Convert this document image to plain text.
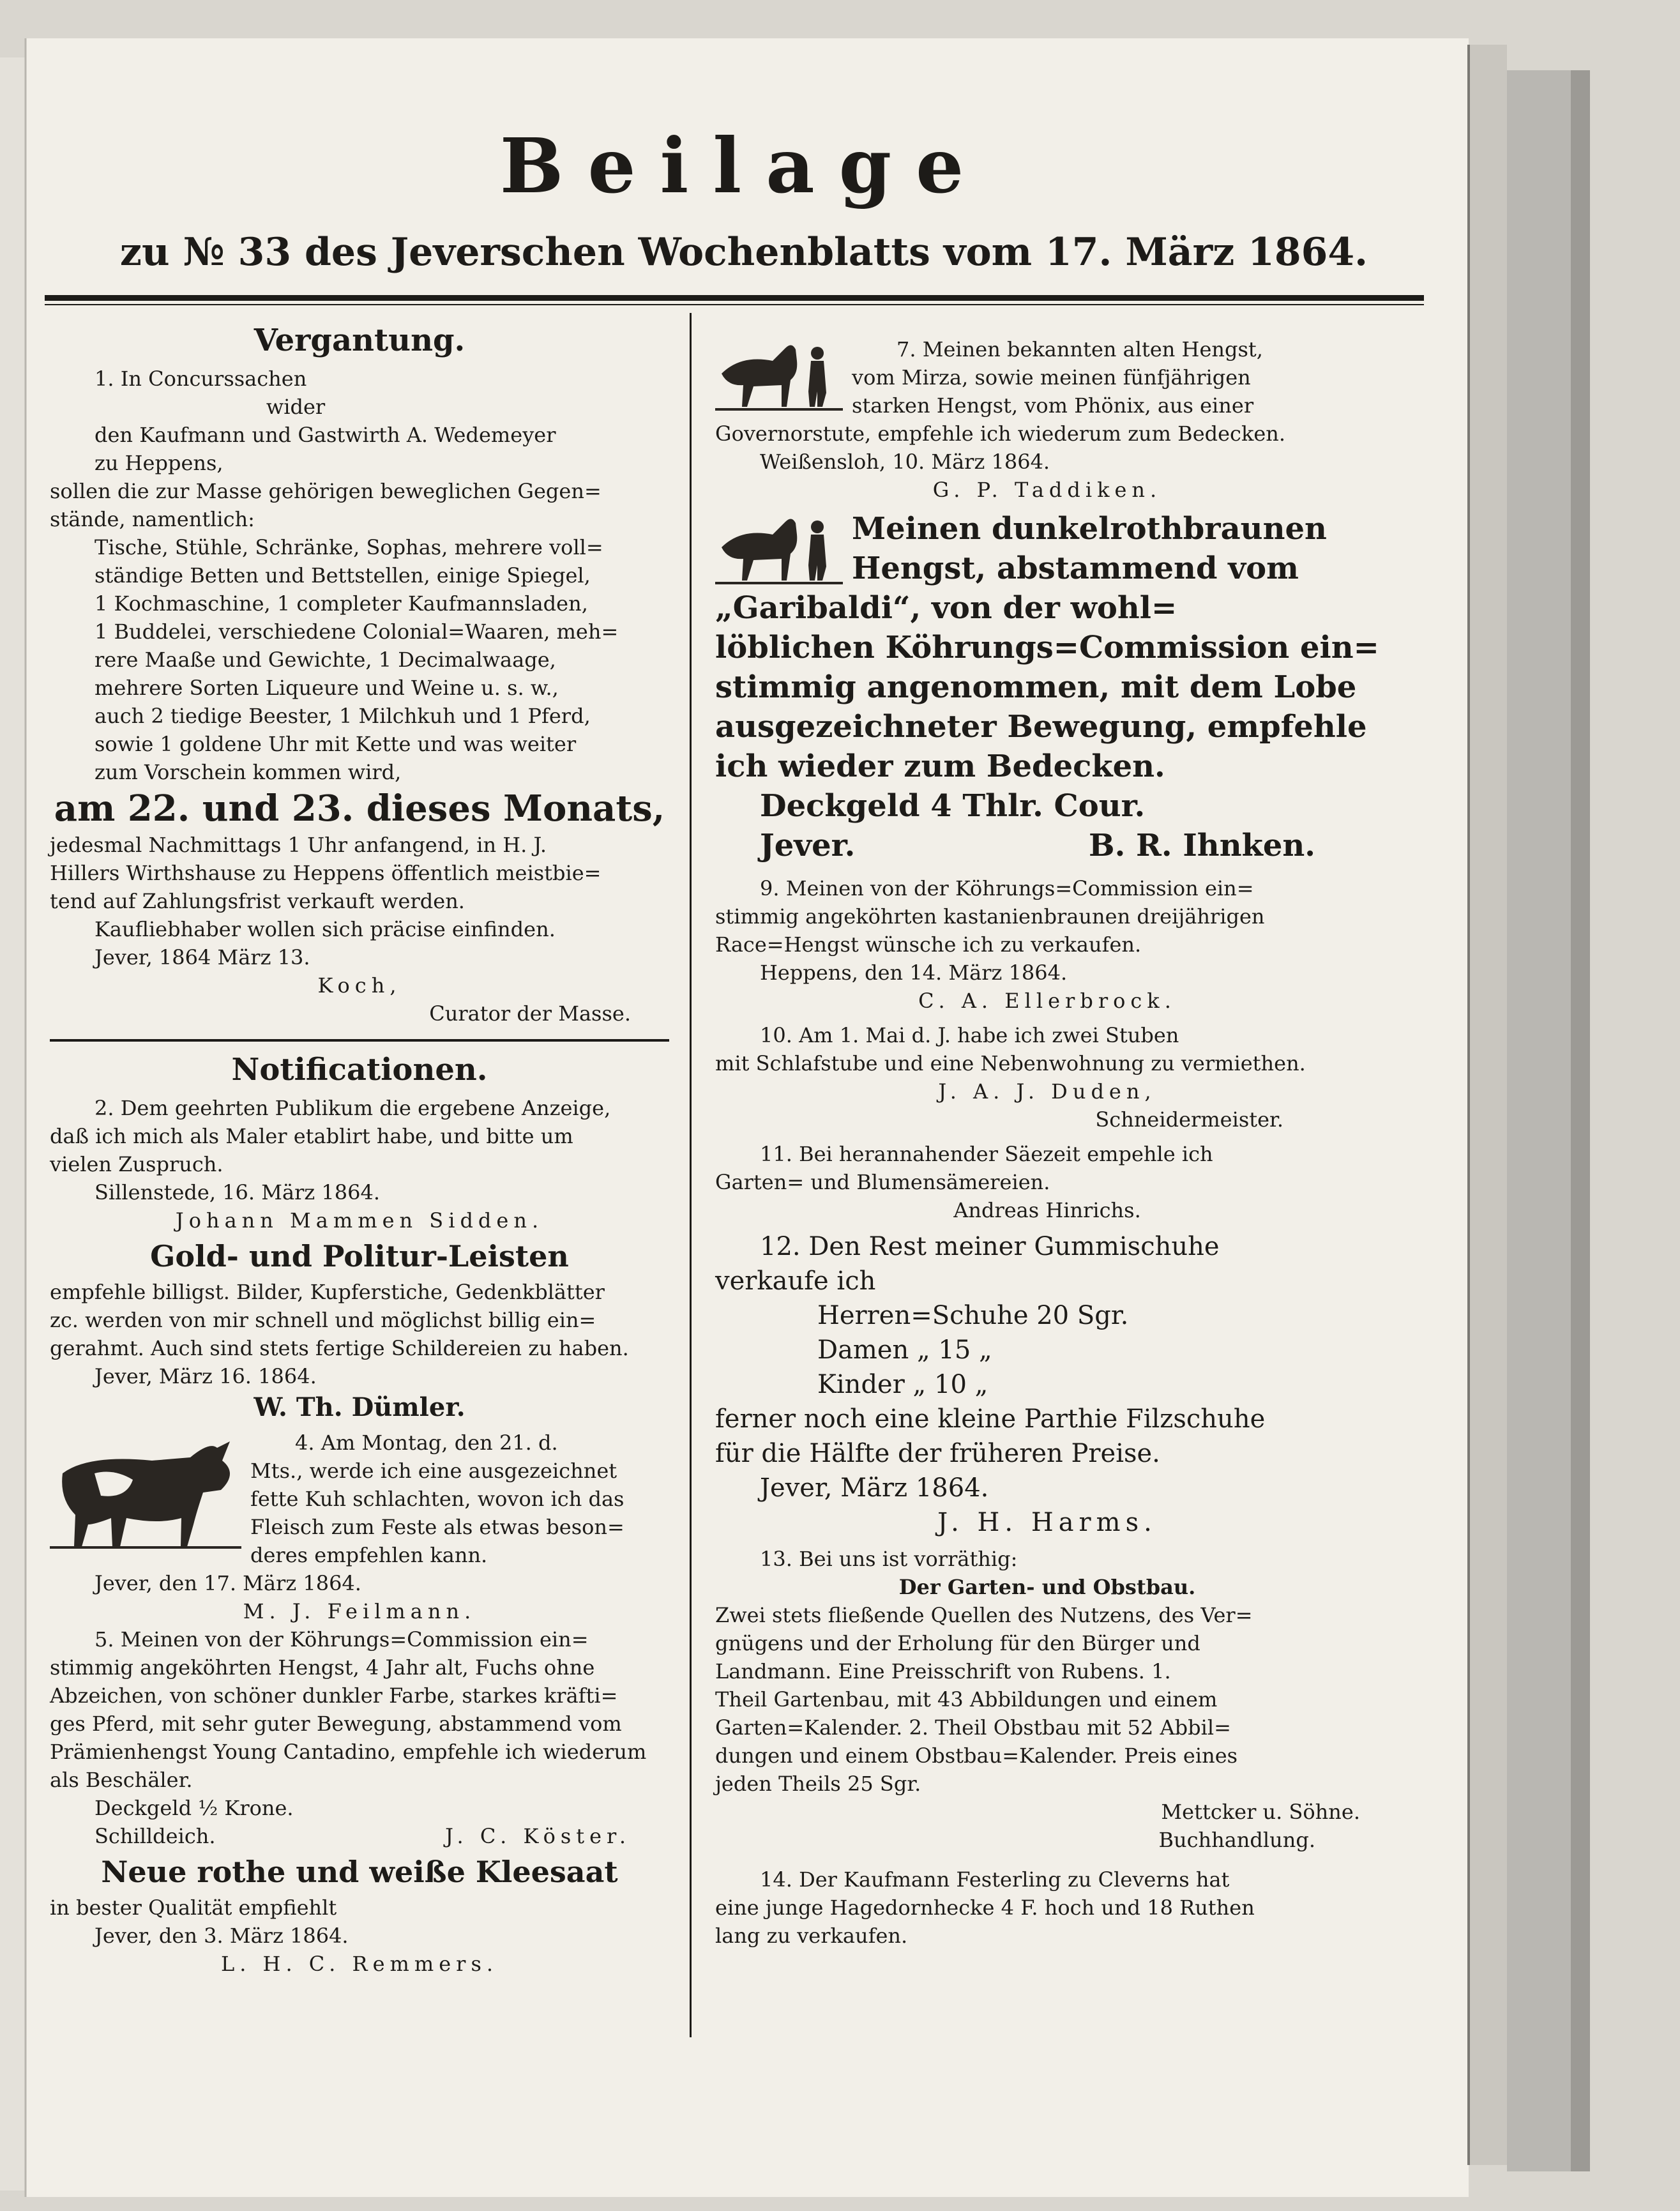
Beilage
zu № 33 des Jeverschen Wochenblatts vom 17. März 1864.
Vergantung.

1. In Concurssachen

wider

den Kaufmann und Gastwirth A. Wedemeyer

zu Heppens,

sollen die zur Masse gehörigen beweglichen Gegen=

stände, namentlich:

Tische, Stühle, Schränke, Sophas, mehrere voll=

ständige Betten und Bettstellen, einige Spiegel,

1 Kochmaschine, 1 completer Kaufmannsladen,

1 Buddelei, verschiedene Colonial=Waaren, meh=

rere Maaße und Gewichte, 1 Decimalwaage,

mehrere Sorten Liqueure und Weine u. s. w.,

auch 2 tiedige Beester, 1 Milchkuh und 1 Pferd,

sowie 1 goldene Uhr mit Kette und was weiter

zum Vorschein kommen wird,

am 22. und 23. dieses Monats,

jedesmal Nachmittags 1 Uhr anfangend, in H. J.

Hillers Wirthshause zu Heppens öffentlich meistbie=

tend auf Zahlungsfrist verkauft werden.

Kaufliebhaber wollen sich präcise einfinden.

Jever, 1864 März 13.

Koch,

Curator der Masse.

Notificationen.

2. Dem geehrten Publikum die ergebene Anzeige,

daß ich mich als Maler etablirt habe, und bitte um

vielen Zuspruch.

Sillenstede, 16. März 1864.

Johann Mammen Sidden.

Gold- und Politur-Leisten

empfehle billigst. Bilder, Kupferstiche, Gedenkblätter

zc. werden von mir schnell und möglichst billig ein=

gerahmt. Auch sind stets fertige Schildereien zu haben.

Jever, März 16. 1864.

W. Th. Dümler.

4. Am Montag, den 21. d.

Mts., werde ich eine ausgezeichnet

fette Kuh schlachten, wovon ich das

Fleisch zum Feste als etwas beson=

deres empfehlen kann.

Jever, den 17. März 1864.

M. J. Feilmann.

5. Meinen von der Köhrungs=Commission ein=

stimmig angeköhrten Hengst, 4 Jahr alt, Fuchs ohne

Abzeichen, von schöner dunkler Farbe, starkes kräfti=

ges Pferd, mit sehr guter Bewegung, abstammend vom

Prämienhengst Young Cantadino, empfehle ich wiederum

als Beschäler.

Deckgeld ½ Krone.

Schilldeich.	J. C. Köster.
Neue rothe und weiße Kleesaat

in bester Qualität empfiehlt

Jever, den 3. März 1864.

L. H. C. Remmers.

7. Meinen bekannten alten Hengst,

vom Mirza, sowie meinen fünfjährigen

starken Hengst, vom Phönix, aus einer

Governorstute, empfehle ich wiederum zum Bedecken.

Weißensloh, 10. März 1864.

G. P. Taddiken.

Meinen dunkelrothbraunen

Hengst, abstammend vom

„Garibaldi“, von der wohl=

löblichen Köhrungs=Commission ein=

stimmig angenommen, mit dem Lobe

ausgezeichneter Bewegung, empfehle

ich wieder zum Bedecken.

Deckgeld 4 Thlr. Cour.

Jever.	B. R. Ihnken.

9. Meinen von der Köhrungs=Commission ein=

stimmig angeköhrten kastanienbraunen dreijährigen

Race=Hengst wünsche ich zu verkaufen.

Heppens, den 14. März 1864.

C. A. Ellerbrock.

10. Am 1. Mai d. J. habe ich zwei Stuben

mit Schlafstube und eine Nebenwohnung zu vermiethen.

J. A. J. Duden,

Schneidermeister.

11. Bei herannahender Säezeit empehle ich

Garten= und Blumensämereien.

Andreas Hinrichs.

12. Den Rest meiner Gummischuhe

verkaufe ich

Herren=Schuhe 20 Sgr.

Damen „ 15 „

Kinder „ 10 „

ferner noch eine kleine Parthie Filzschuhe

für die Hälfte der früheren Preise.

Jever, März 1864.

J. H. Harms.

13. Bei uns ist vorräthig:

Der Garten- und Obstbau.

Zwei stets fließende Quellen des Nutzens, des Ver=

gnügens und der Erholung für den Bürger und

Landmann. Eine Preisschrift von Rubens. 1.

Theil Gartenbau, mit 43 Abbildungen und einem

Garten=Kalender. 2. Theil Obstbau mit 52 Abbil=

dungen und einem Obstbau=Kalender. Preis eines

jeden Theils 25 Sgr.

Mettcker u. Söhne.

Buchhandlung.

14. Der Kaufmann Festerling zu Cleverns hat

eine junge Hagedornhecke 4 F. hoch und 18 Ruthen

lang zu verkaufen.
